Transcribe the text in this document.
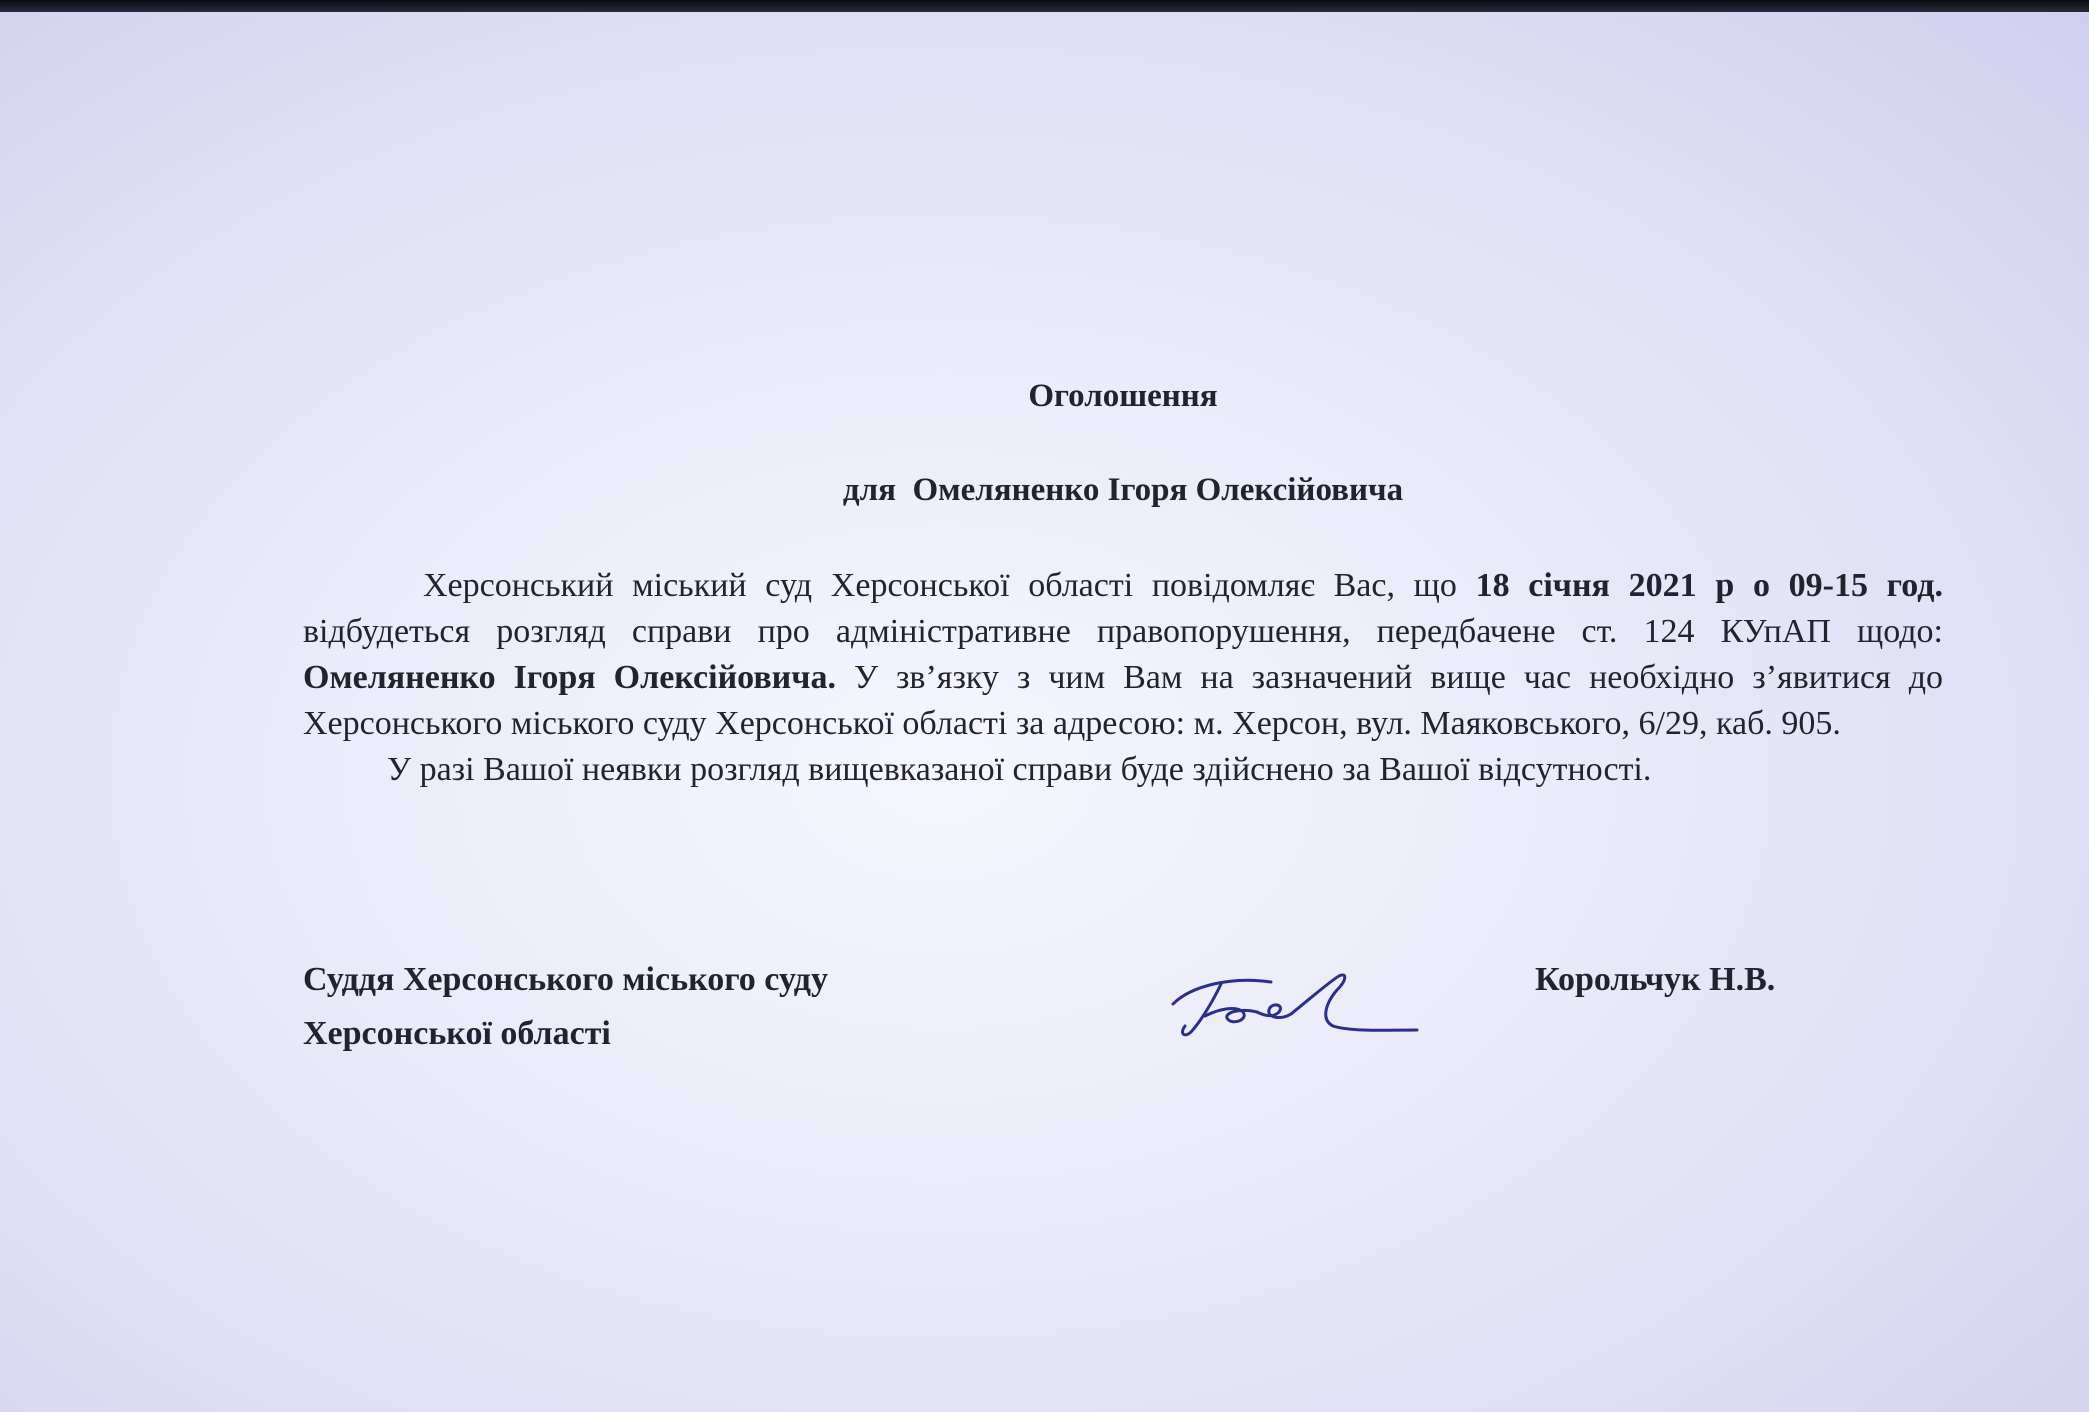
Оголошення
для  Омеляненко Ігоря Олексійовича

Херсонський міський суд Херсонської області повідомляє Вас, що 18 січня 2021 р о 09-15 год. відбудеться розгляд справи про адміністративне правопорушення, передбачене ст. 124 КУпАП щодо: Омеляненко Ігоря Олексійовича. У зв’язку з чим Вам на зазначений вище час необхідно з’явитися до Херсонського міського суду Херсонської області за адресою: м. Херсон, вул. Маяковського, 6/29, каб. 905.

У разі Вашої неявки розгляд вищевказаної справи буде здійснено за Вашої відсутності.

Суддя Херсонського міського суду
Херсонської області
Корольчук Н.В.
